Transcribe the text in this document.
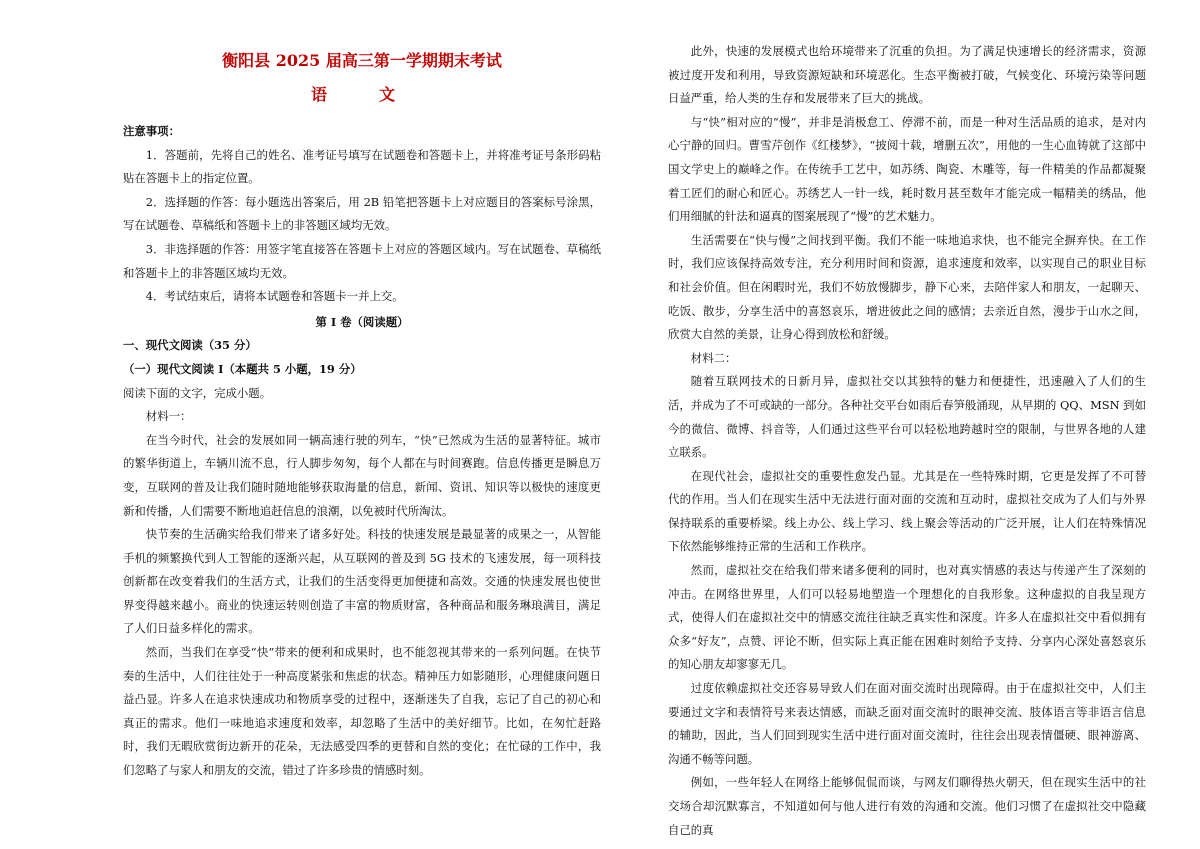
衡阳县 2025 届高三第一学期期末考试
语　文

注意事项：

1．答题前，先将自己的姓名、准考证号填写在试题卷和答题卡上，并将准考证号条形码粘贴在答题卡上的指定位置。

2．选择题的作答：每小题选出答案后，用 2B 铅笔把答题卡上对应题目的答案标号涂黑，写在试题卷、草稿纸和答题卡上的非答题区域均无效。

3．非选择题的作答：用签字笔直接答在答题卡上对应的答题区域内。写在试题卷、草稿纸和答题卡上的非答题区域均无效。

4．考试结束后，请将本试题卷和答题卡一并上交。

第 I 卷（阅读题）

一、现代文阅读（35 分）

（一）现代文阅读 I（本题共 5 小题，19 分）

阅读下面的文字，完成小题。

材料一：

在当今时代，社会的发展如同一辆高速行驶的列车，“快”已然成为生活的显著特征。城市的繁华街道上，车辆川流不息，行人脚步匆匆，每个人都在与时间赛跑。信息传播更是瞬息万变，互联网的普及让我们随时随地能够获取海量的信息，新闻、资讯、知识等以极快的速度更新和传播，人们需要不断地追赶信息的浪潮，以免被时代所淘汰。

快节奏的生活确实给我们带来了诸多好处。科技的快速发展是最显著的成果之一，从智能手机的频繁换代到人工智能的逐渐兴起，从互联网的普及到 5G 技术的飞速发展，每一项科技创新都在改变着我们的生活方式，让我们的生活变得更加便捷和高效。交通的快速发展也使世界变得越来越小。商业的快速运转则创造了丰富的物质财富，各种商品和服务琳琅满目，满足了人们日益多样化的需求。

然而，当我们在享受“快”带来的便利和成果时，也不能忽视其带来的一系列问题。在快节奏的生活中，人们往往处于一种高度紧张和焦虑的状态。精神压力如影随形，心理健康问题日益凸显。许多人在追求快速成功和物质享受的过程中，逐渐迷失了自我，忘记了自己的初心和真正的需求。他们一味地追求速度和效率，却忽略了生活中的美好细节。比如，在匆忙赶路时，我们无暇欣赏街边新开的花朵，无法感受四季的更替和自然的变化；在忙碌的工作中，我们忽略了与家人和朋友的交流，错过了许多珍贵的情感时刻。

此外，快速的发展模式也给环境带来了沉重的负担。为了满足快速增长的经济需求，资源被过度开发和利用，导致资源短缺和环境恶化。生态平衡被打破，气候变化、环境污染等问题日益严重，给人类的生存和发展带来了巨大的挑战。

与“快”相对应的“慢”，并非是消极怠工、停滞不前，而是一种对生活品质的追求，是对内心宁静的回归。曹雪芹创作《红楼梦》，“披阅十载，增删五次”，用他的一生心血铸就了这部中国文学史上的巅峰之作。在传统手工艺中，如苏绣、陶瓷、木雕等，每一件精美的作品都凝聚着工匠们的耐心和匠心。苏绣艺人一针一线，耗时数月甚至数年才能完成一幅精美的绣品，他们用细腻的针法和逼真的图案展现了“慢”的艺术魅力。

生活需要在“快与慢”之间找到平衡。我们不能一味地追求快，也不能完全摒弃快。在工作时，我们应该保持高效专注，充分利用时间和资源，追求速度和效率，以实现自己的职业目标和社会价值。但在闲暇时光，我们不妨放慢脚步，静下心来，去陪伴家人和朋友，一起聊天、吃饭、散步，分享生活中的喜怒哀乐，增进彼此之间的感情；去亲近自然，漫步于山水之间，欣赏大自然的美景，让身心得到放松和舒缓。

材料二：

随着互联网技术的日新月异，虚拟社交以其独特的魅力和便捷性，迅速融入了人们的生活，并成为了不可或缺的一部分。各种社交平台如雨后春笋般涌现，从早期的 QQ、MSN 到如今的微信、微博、抖音等，人们通过这些平台可以轻松地跨越时空的限制，与世界各地的人建立联系。

在现代社会，虚拟社交的重要性愈发凸显。尤其是在一些特殊时期，它更是发挥了不可替代的作用。当人们在现实生活中无法进行面对面的交流和互动时，虚拟社交成为了人们与外界保持联系的重要桥梁。线上办公、线上学习、线上聚会等活动的广泛开展，让人们在特殊情况下依然能够维持正常的生活和工作秩序。

然而，虚拟社交在给我们带来诸多便利的同时，也对真实情感的表达与传递产生了深刻的冲击。在网络世界里，人们可以轻易地塑造一个理想化的自我形象。这种虚拟的自我呈现方式，使得人们在虚拟社交中的情感交流往往缺乏真实性和深度。许多人在虚拟社交中看似拥有众多“好友”，点赞、评论不断，但实际上真正能在困难时刻给予支持、分享内心深处喜怒哀乐的知心朋友却寥寥无几。

过度依赖虚拟社交还容易导致人们在面对面交流时出现障碍。由于在虚拟社交中，人们主要通过文字和表情符号来表达情感，而缺乏面对面交流时的眼神交流、肢体语言等非语言信息的辅助，因此，当人们回到现实生活中进行面对面交流时，往往会出现表情僵硬、眼神游离、沟通不畅等问题。

例如，一些年轻人在网络上能够侃侃而谈，与网友们聊得热火朝天，但在现实生活中的社交场合却沉默寡言，不知道如何与他人进行有效的沟通和交流。他们习惯了在虚拟社交中隐藏自己的真
